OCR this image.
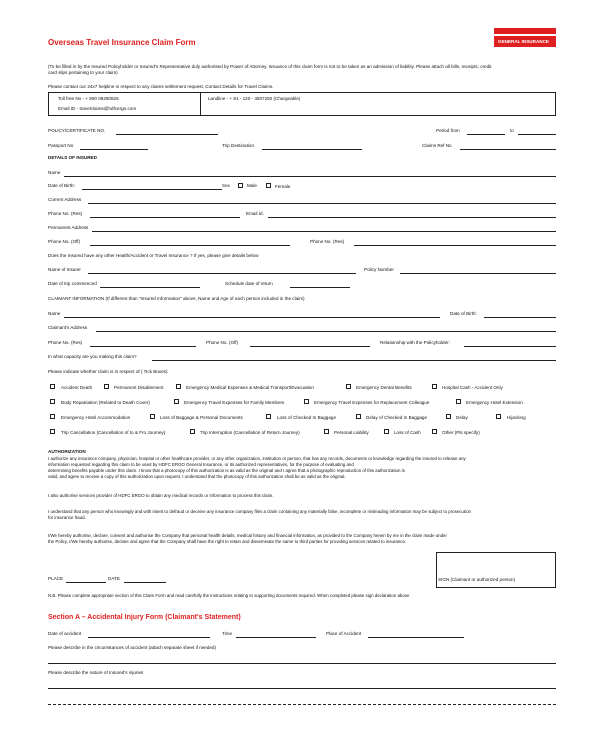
Overseas Travel Insurance Claim Form	GENERAL INSURANCE
(To be filled in by the Insured Policyholder or Insured's Representative duly authorised by Power of Attorney. Issuance of this claim form is not to be taken as an admission of liability. Please attach all bills, receipts, credit
card slips pertaining to your claim)
Please contact our 24x7 helpline in respect to any claims settlement request. Contact Details for Travel Claims.
Toll free No - + 800 08250825	Landline - + 91 - 120 - 4507250 (Chargeable)
Email ID - travelclaims@hdfcergo.com
POLICY/CERTIFICATE NO.	Period from	to
Passport No	Trip Destination	Claims Ref No
DETAILS OF INSURED
Name
Date of Birth:	Sex	Male	Female
Current Address
Phone No. (Res)	Email Id.
Permanent Address
Phone No. (Off)	Phone No. (Res)
Does the Insured have any other Health/Accident or Travel Insurance ? If yes, please give details below
Name of Insurer	Policy Number
Date of trip commenced	Schedule date of return
CLAIMANT INFORMATION (If different than "Insured Information" above, Name and Age of each person included in the claim)
Name	Date of Birth:
Claimant's Address
Phone No. (Res)	Phone No. (Off)	Relationship with the Policyholder:
In what capacity are you making this claim?
Please indicate whether claim is in respect of ( Tick Boxes)
Accident Death	Permanent Disablement	Emergency Medical Expenses & Medical Transport/Evacuation	Emergency Dental Benefits	Hospital Cash - Accident Only
Body Repatriation (Related to Death Cover)	Emergency Travel Expenses for Family Members	Emergency Travel Expenses for Replacement Colleague	Emergency Hotel Extension
Emergency Hotel Accommodation	Loss of Baggage & Personal Documents	Loss of Checked In Baggage	Delay of Checked In Baggage	Delay	Hijacking
Trip Cancellation (Cancellation of to & Fro Journey)	Trip Interruption (Cancellation of Return Journey)	Personal Liability	Loss of Cash	Other (Pls specify)
AUTHORIZATION
I authorize any insurance company, physician, hospital or other healthcare provider, or any other organization, institution or person, that has any records, documents or knowledge regarding the insured to release any
information requested regarding this claim to be used by HDFC ERGO General Insurance, or its authorized representatives, for the purpose of evaluating and
determining benefits payable under this claim. I know that a photocopy of this authorization is as valid as the original and I agree that a photographic reproduction of this authorization is
valid, and agree to receive a copy of this authorization upon request. I understand that the photocopy of this authorization shall be as valid as the original.
I also authorise services provider of HDFC ERGO to obtain any medical records or information to process this claim.
I understand that any person who knowingly and with intent to defraud or deceive any insurance company files a claim containing any materially false, incomplete or misleading information may be subject to prosecution
for insurance fraud.
I/We hereby authorise, declare, consent and authorise the Company that personal health details, medical history and financial information, as provided to the Company herein by me in the claim made under
the Policy, I/We hereby authorise, declare and agree that the Company shall have the right to retain and disseminate the same to third parties for providing services related to insurance.
PLACE	DATE	SIGN (Claimant or authorized person)
N.B. Please complete appropriate section of this Claim Form and read carefully the instructions relating to supporting documents required. When completed please sign declaration above
Section A – Accidental Injury Form (Claimant's Statement)
Date of accident	Time	Place of Accident
Please describe in the circumstances of accident (attach separate sheet if needed)
Please describe the nature of Insured's injuries
